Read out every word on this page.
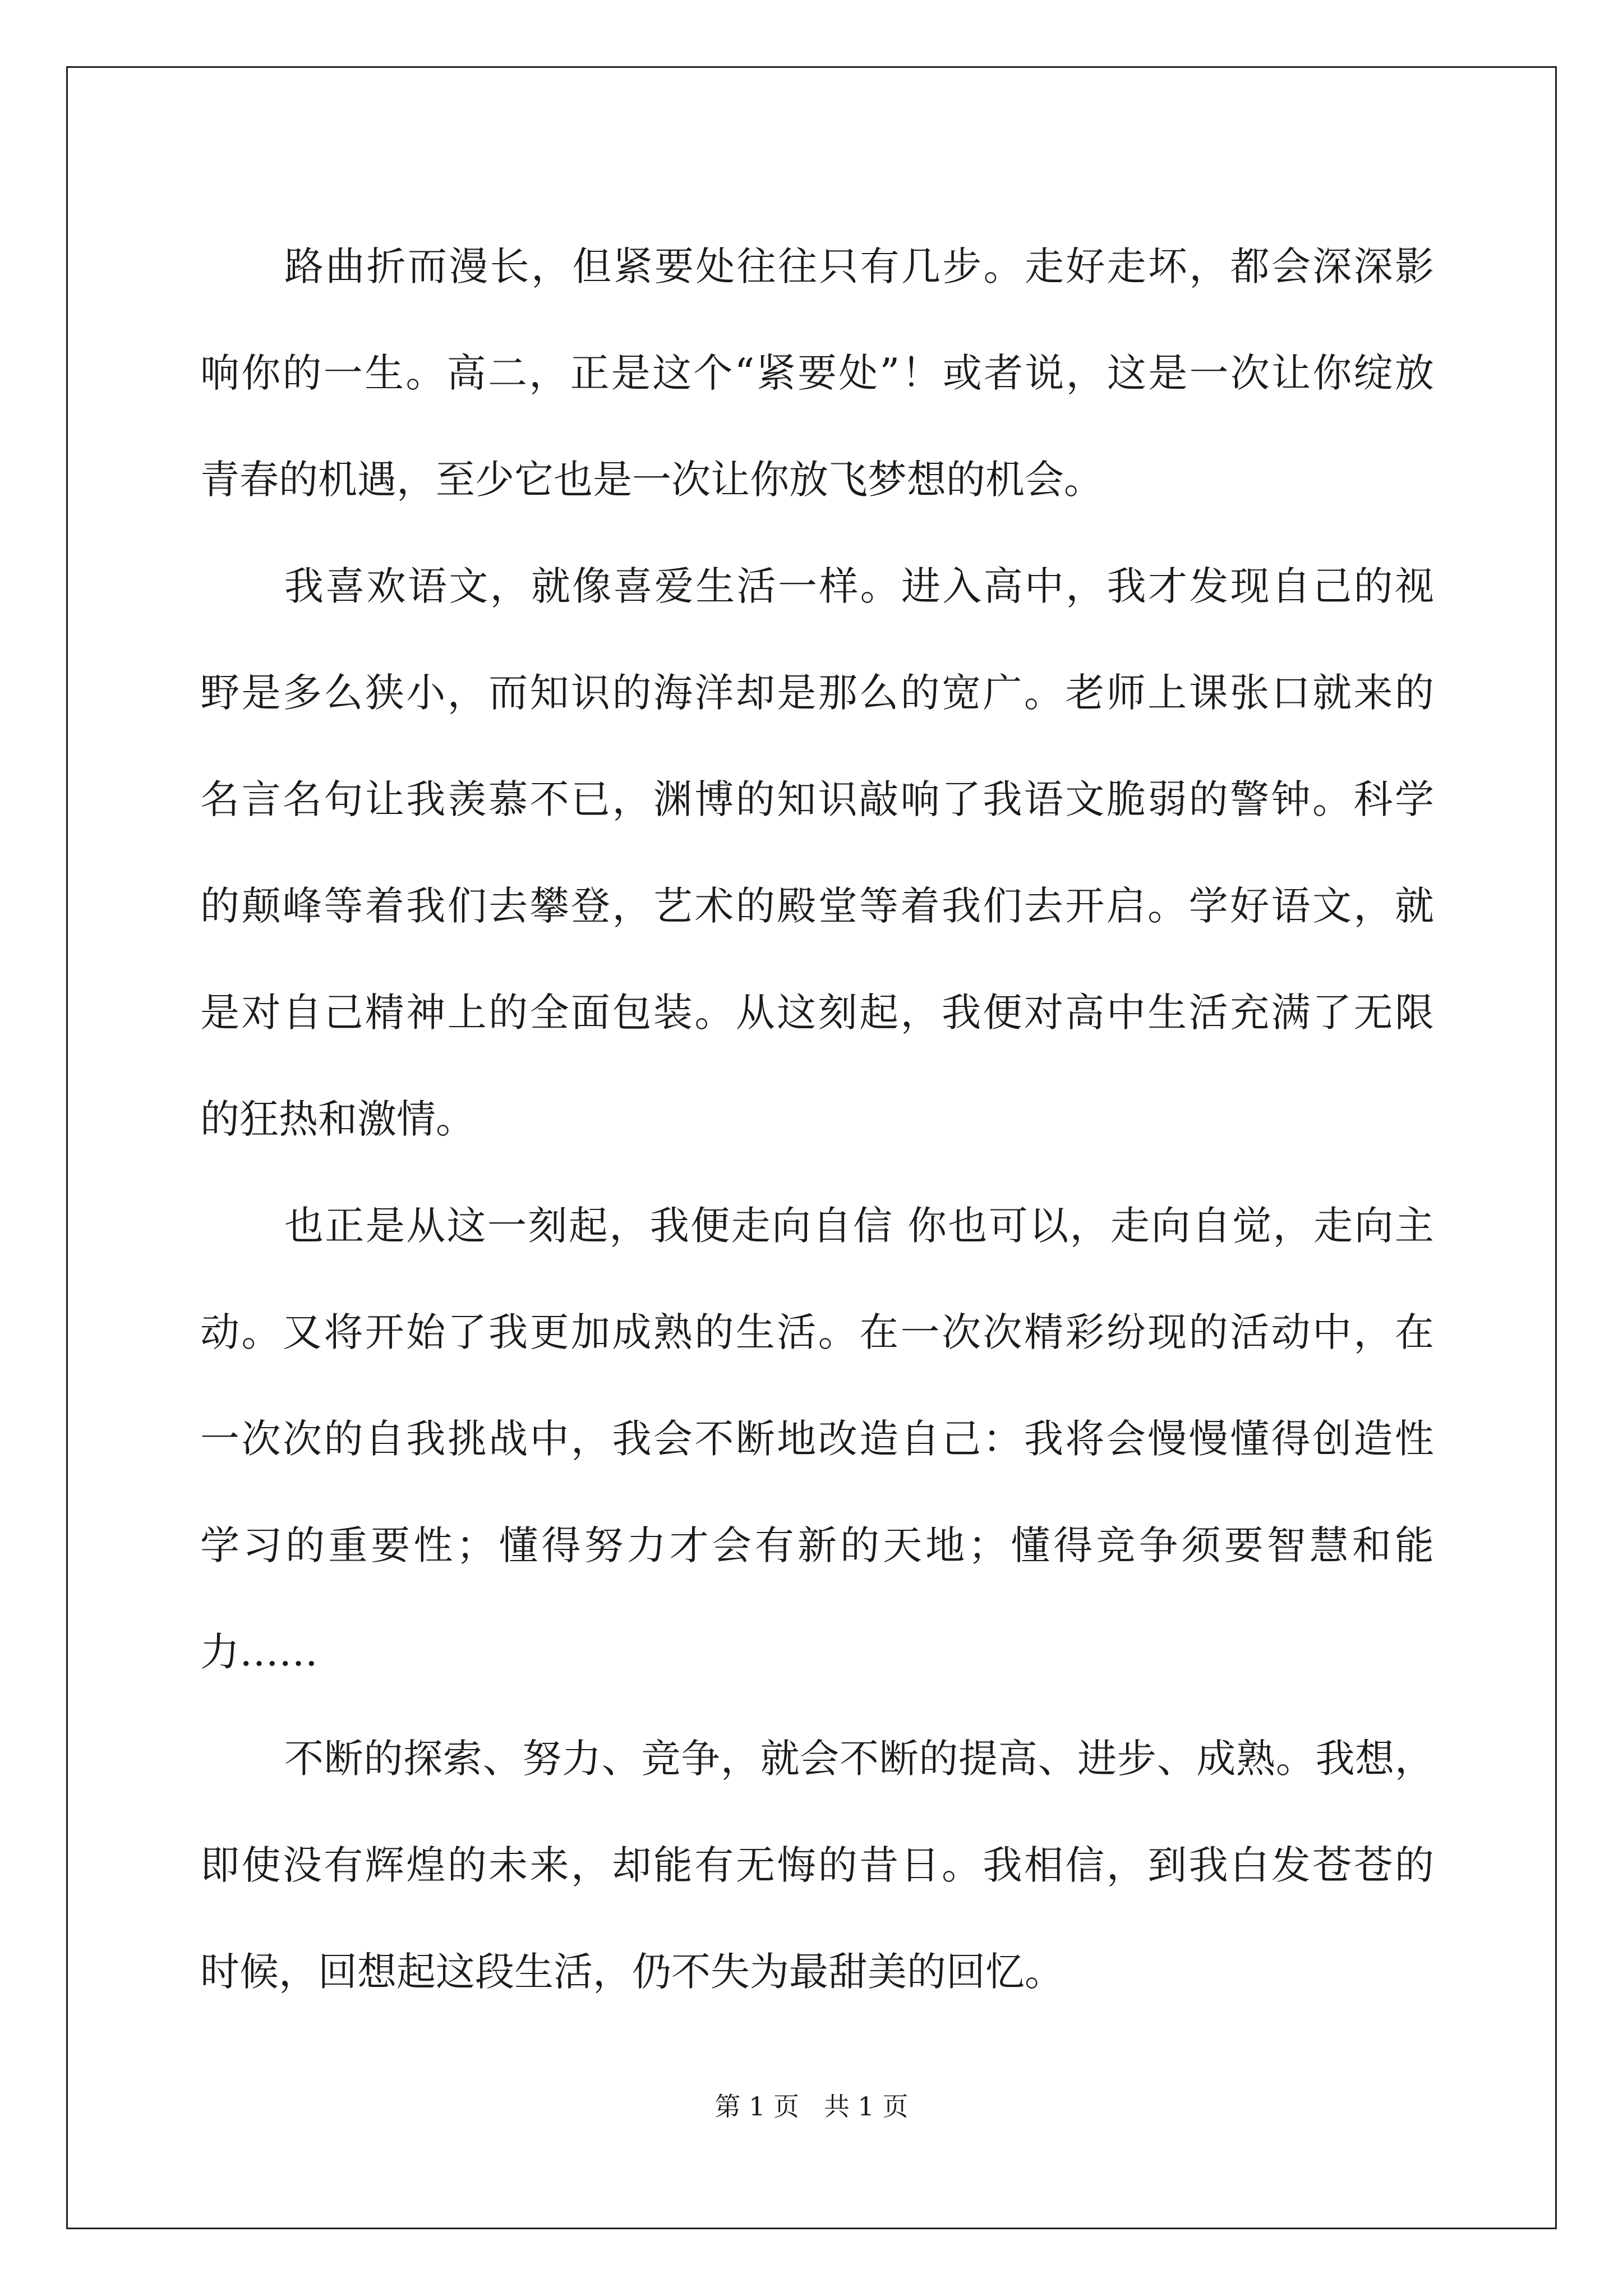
路曲折而漫长，但紧要处往往只有几步。走好走坏，都会深深影
响你的一生。高二，正是这个“紧要处”！或者说，这是一次让你绽放
青春的机遇，至少它也是一次让你放飞梦想的机会。
我喜欢语文，就像喜爱生活一样。进入高中，我才发现自己的视
野是多么狭小，而知识的海洋却是那么的宽广。老师上课张口就来的
名言名句让我羡慕不已，渊博的知识敲响了我语文脆弱的警钟。科学
的颠峰等着我们去攀登，艺术的殿堂等着我们去开启。学好语文，就
是对自己精神上的全面包装。从这刻起，我便对高中生活充满了无限
的狂热和激情。
也正是从这一刻起，我便走向自信 你也可以，走向自觉，走向主
动。又将开始了我更加成熟的生活。在一次次精彩纷现的活动中，在
一次次的自我挑战中，我会不断地改造自己：我将会慢慢懂得创造性
学习的重要性；懂得努力才会有新的天地；懂得竞争须要智慧和能
力……
不断的探索、努力、竞争，就会不断的提高、进步、成熟。我想，
即使没有辉煌的未来，却能有无悔的昔日。我相信，到我白发苍苍的
时候，回想起这段生活，仍不失为最甜美的回忆。
第 1 页 共 1 页
